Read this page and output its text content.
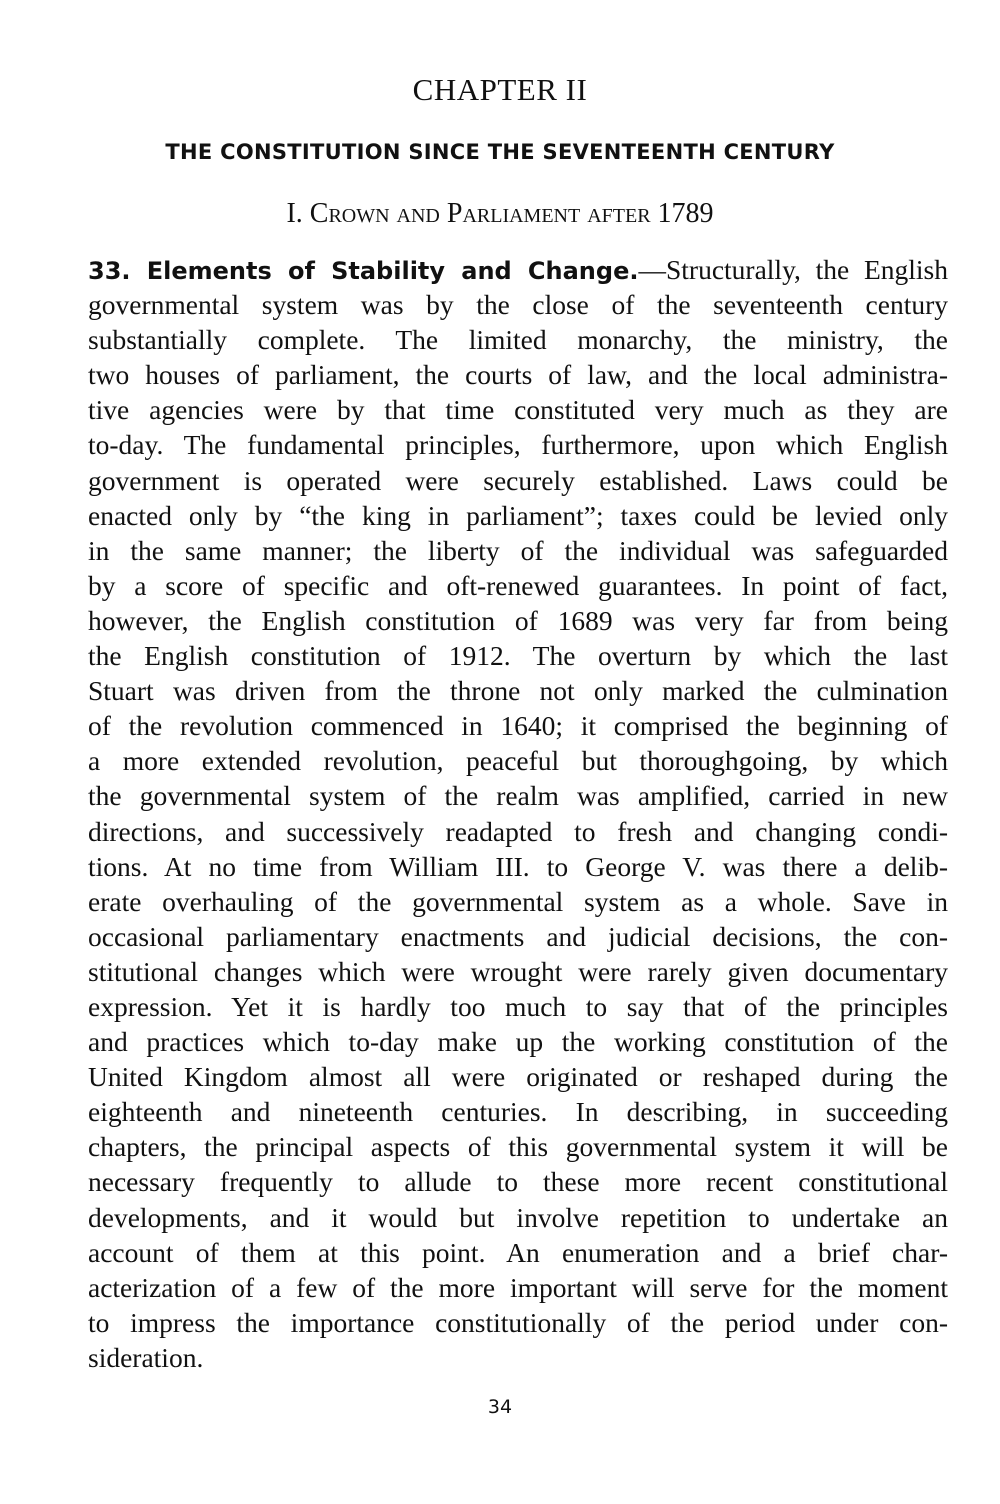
CHAPTER II
THE CONSTITUTION SINCE THE SEVENTEENTH CENTURY
I. Crown and Parliament after 1789
33. Elements of Stability and Change.—Structurally, the English
governmental system was by the close of the seventeenth century
substantially complete. The limited monarchy, the ministry, the
two houses of parliament, the courts of law, and the local administra-
tive agencies were by that time constituted very much as they are
to-day. The fundamental principles, furthermore, upon which English
government is operated were securely established. Laws could be
enacted only by “the king in parliament”; taxes could be levied only
in the same manner; the liberty of the individual was safeguarded
by a score of specific and oft-renewed guarantees. In point of fact,
however, the English constitution of 1689 was very far from being
the English constitution of 1912. The overturn by which the last
Stuart was driven from the throne not only marked the culmination
of the revolution commenced in 1640; it comprised the beginning of
a more extended revolution, peaceful but thoroughgoing, by which
the governmental system of the realm was amplified, carried in new
directions, and successively readapted to fresh and changing condi-
tions. At no time from William III. to George V. was there a delib-
erate overhauling of the governmental system as a whole. Save in
occasional parliamentary enactments and judicial decisions, the con-
stitutional changes which were wrought were rarely given documentary
expression. Yet it is hardly too much to say that of the principles
and practices which to-day make up the working constitution of the
United Kingdom almost all were originated or reshaped during the
eighteenth and nineteenth centuries. In describing, in succeeding
chapters, the principal aspects of this governmental system it will be
necessary frequently to allude to these more recent constitutional
developments, and it would but involve repetition to undertake an
account of them at this point. An enumeration and a brief char-
acterization of a few of the more important will serve for the moment
to impress the importance constitutionally of the period under con-
sideration.
34
